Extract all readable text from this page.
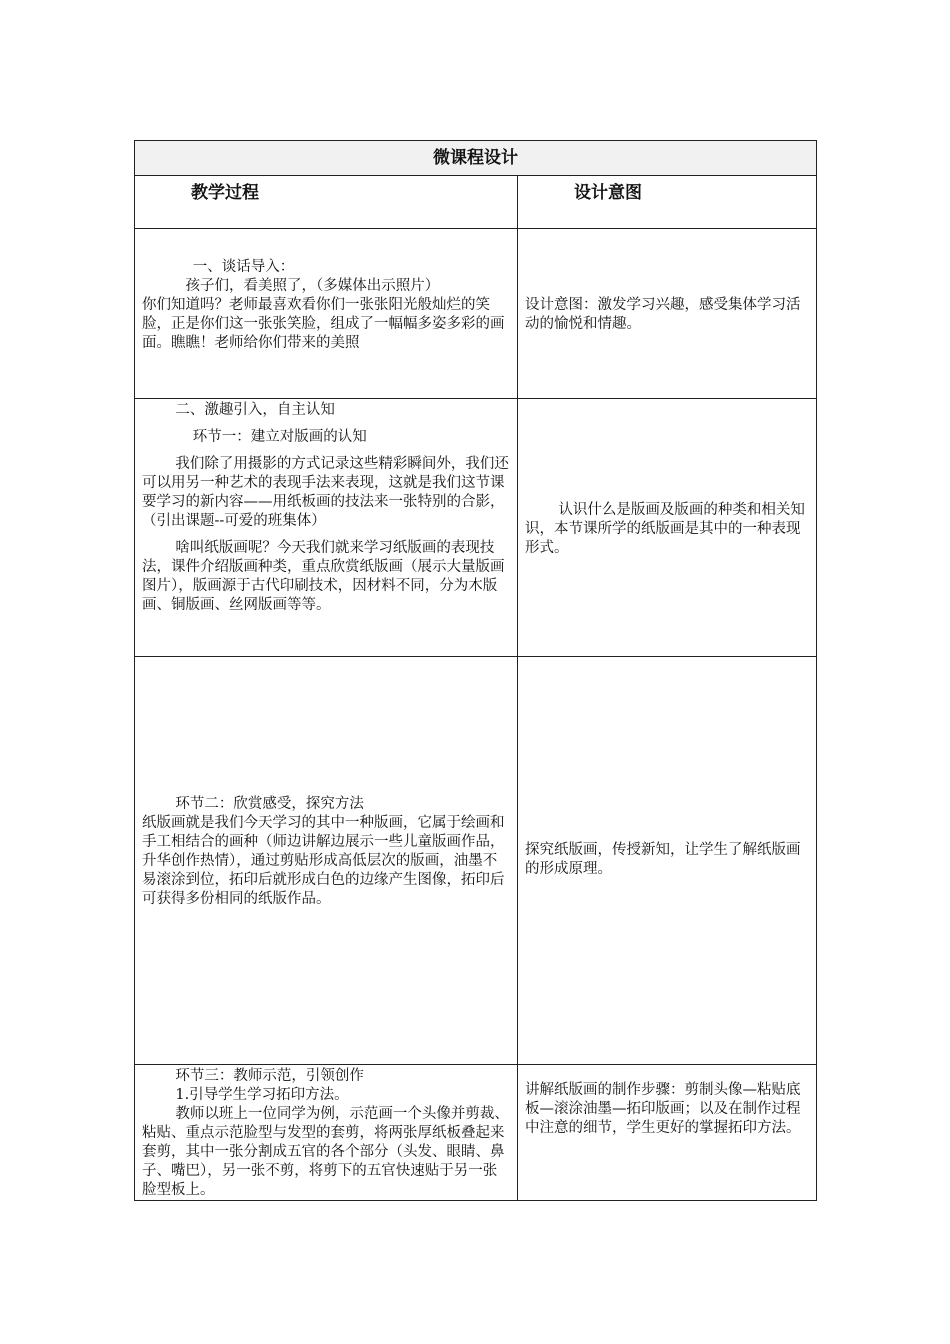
微课程设计	
教学过程	设计意图

一、谈话导入：

孩子们，看美照了，（多媒体出示照片）

你们知道吗？老师最喜欢看你们一张张阳光般灿烂的笑脸，正是你们这一张张笑脸，组成了一幅幅多姿多彩的画面。瞧瞧！老师给你们带来的美照	设计意图：激发学习兴趣，感受集体学习活动的愉悦和情趣。

二、激趣引入，自主认知

环节一：建立对版画的认知

我们除了用摄影的方式记录这些精彩瞬间外，我们还可以用另一种艺术的表现手法来表现，这就是我们这节课要学习的新内容——用纸板画的技法来一张特别的合影，（引出课题--可爱的班集体）

啥叫纸版画呢？今天我们就来学习纸版画的表现技法，课件介绍版画种类，重点欣赏纸版画（展示大量版画图片），版画源于古代印刷技术，因材料不同，分为木版画、铜版画、丝网版画等等。	认识什么是版画及版画的种类和相关知识，本节课所学的纸版画是其中的一种表现形式。

环节二：欣赏感受，探究方法

纸版画就是我们今天学习的其中一种版画，它属于绘画和手工相结合的画种（师边讲解边展示一些儿童版画作品，升华创作热情），通过剪贴形成高低层次的版画，油墨不易滚涂到位，拓印后就形成白色的边缘产生图像，拓印后可获得多份相同的纸版作品。	探究纸版画，传授新知，让学生了解纸版画的形成原理。

环节三：教师示范，引领创作

1.引导学生学习拓印方法。

教师以班上一位同学为例，示范画一个头像并剪裁、粘贴、重点示范脸型与发型的套剪，将两张厚纸板叠起来套剪，其中一张分割成五官的各个部分（头发、眼睛、鼻子、嘴巴），另一张不剪，将剪下的五官快速贴于另一张脸型板上。	讲解纸版画的制作步骤：剪制头像—粘贴底板—滚涂油墨—拓印版画；以及在制作过程中注意的细节，学生更好的掌握拓印方法。
